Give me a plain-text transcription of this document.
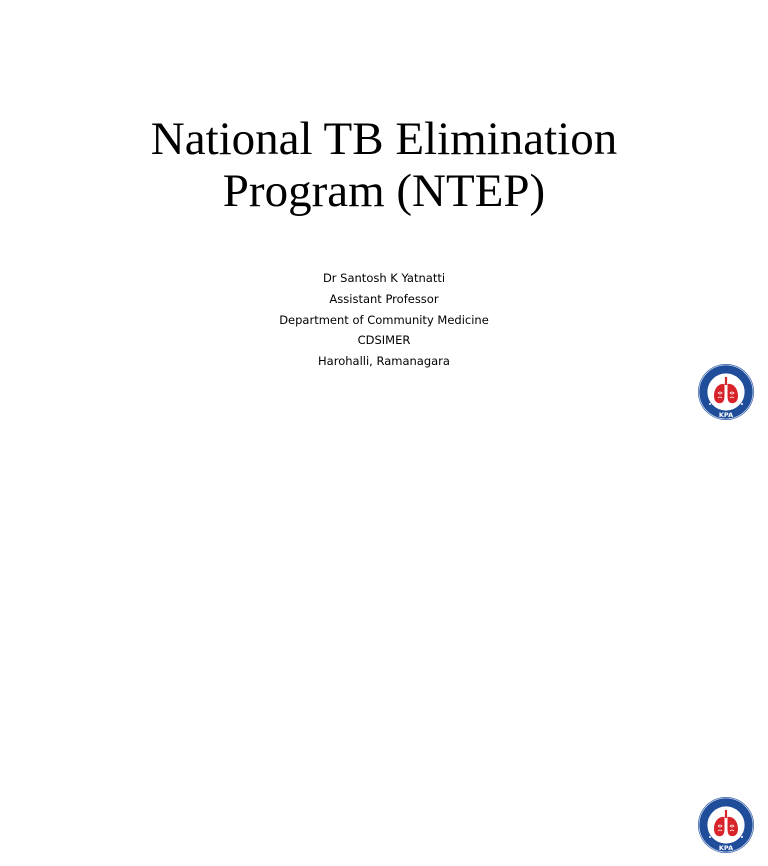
National TB Elimination
Program (NTEP)
Dr Santosh K Yatnatti
Assistant Professor
Department of Community Medicine
CDSIMER
Harohalli, Ramanagara
KPA
KPA
